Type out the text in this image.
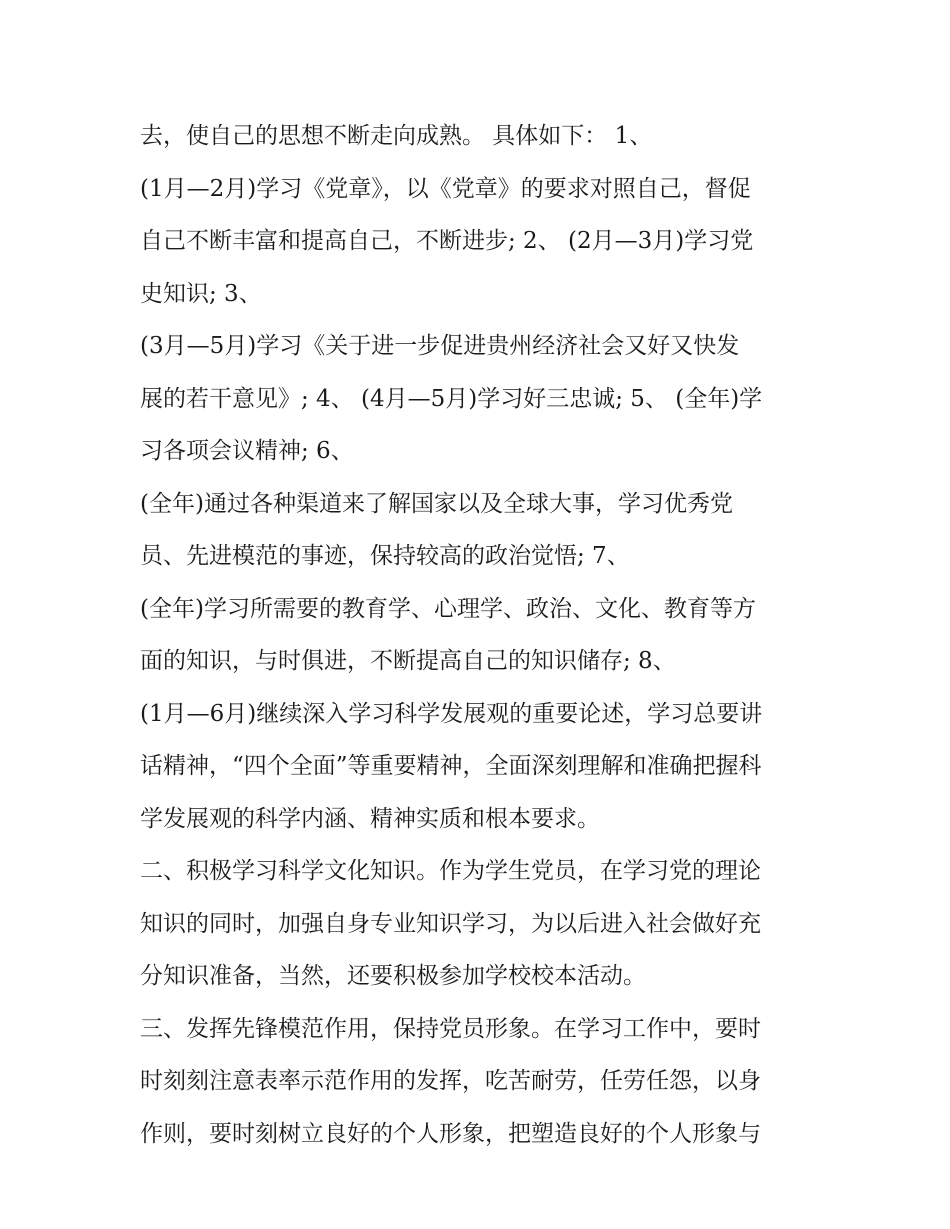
去，使自己的思想不断走向成熟。 具体如下： 1、
(1月—2月)学习《党章》，以《党章》的要求对照自己，督促
自己不断丰富和提高自己，不断进步; 2、 (2月—3月)学习党
史知识; 3、
(3月—5月)学习《关于进一步促进贵州经济社会又好又快发
展的若干意见》; 4、 (4月—5月)学习好三忠诚; 5、 (全年)学
习各项会议精神; 6、
(全年)通过各种渠道来了解国家以及全球大事，学习优秀党
员、先进模范的事迹，保持较高的政治觉悟; 7、
(全年)学习所需要的教育学、心理学、政治、文化、教育等方
面的知识，与时俱进，不断提高自己的知识储存; 8、
(1月—6月)继续深入学习科学发展观的重要论述，学习总要讲
话精神，“四个全面”等重要精神，全面深刻理解和准确把握科
学发展观的科学内涵、精神实质和根本要求。
二、积极学习科学文化知识。作为学生党员，在学习党的理论
知识的同时，加强自身专业知识学习，为以后进入社会做好充
分知识准备，当然，还要积极参加学校校本活动。
三、发挥先锋模范作用，保持党员形象。在学习工作中，要时
时刻刻注意表率示范作用的发挥，吃苦耐劳，任劳任怨，以身
作则，要时刻树立良好的个人形象，把塑造良好的个人形象与
